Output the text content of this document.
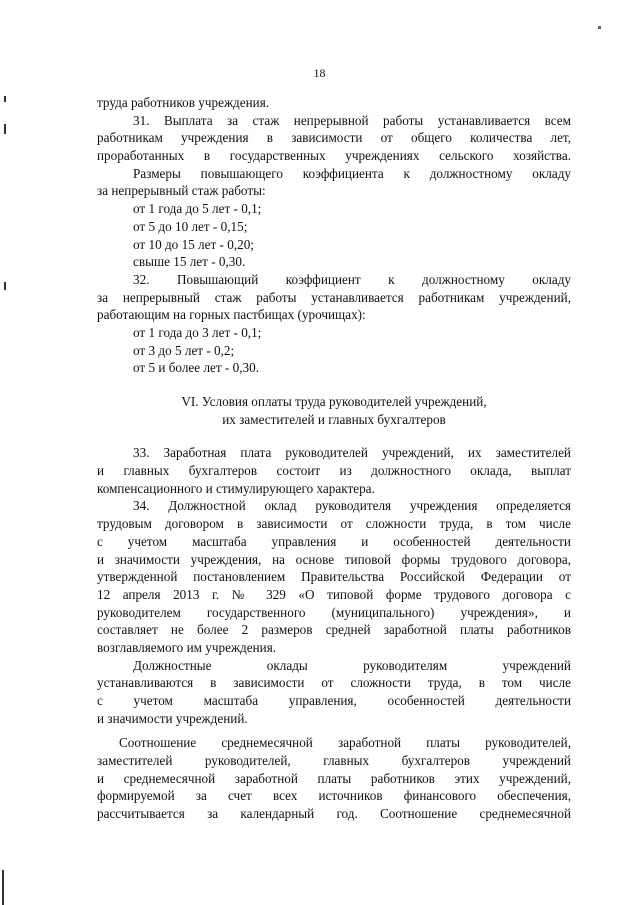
18
труда работников учреждения.
31. Выплата за стаж непрерывной работы устанавливается всем
работникам учреждения в зависимости от общего количества лет,
проработанных в государственных учреждениях сельского хозяйства.
Размеры повышающего коэффициента к должностному окладу
за непрерывный стаж работы:
от 1 года до 5 лет - 0,1;
от 5 до 10 лет - 0,15;
от 10 до 15 лет - 0,20;
свыше 15 лет - 0,30.
32. Повышающий коэффициент к должностному окладу
за непрерывный стаж работы устанавливается работникам учреждений,
работающим на горных пастбищах (урочищах):
от 1 года до 3 лет - 0,1;
от 3 до 5 лет - 0,2;
от 5 и более лет - 0,30.
VI. Условия оплаты труда руководителей учреждений,
их заместителей и главных бухгалтеров
33. Заработная плата руководителей учреждений, их заместителей
и главных бухгалтеров состоит из должностного оклада, выплат
компенсационного и стимулирующего характера.
34. Должностной оклад руководителя учреждения определяется
трудовым договором в зависимости от сложности труда, в том числе
с учетом масштаба управления и особенностей деятельности
и значимости учреждения, на основе типовой формы трудового договора,
утвержденной постановлением Правительства Российской Федерации от
12 апреля 2013 г. № 329 «О типовой форме трудового договора с
руководителем государственного (муниципального) учреждения», и
составляет не более 2 размеров средней заработной платы работников
возглавляемого им учреждения.
Должностные оклады руководителям учреждений
устанавливаются в зависимости от сложности труда, в том числе
с учетом масштаба управления, особенностей деятельности
и значимости учреждений.
Соотношение среднемесячной заработной платы руководителей,
заместителей руководителей, главных бухгалтеров учреждений
и среднемесячной заработной платы работников этих учреждений,
формируемой за счет всех источников финансового обеспечения,
рассчитывается за календарный год. Соотношение среднемесячной
